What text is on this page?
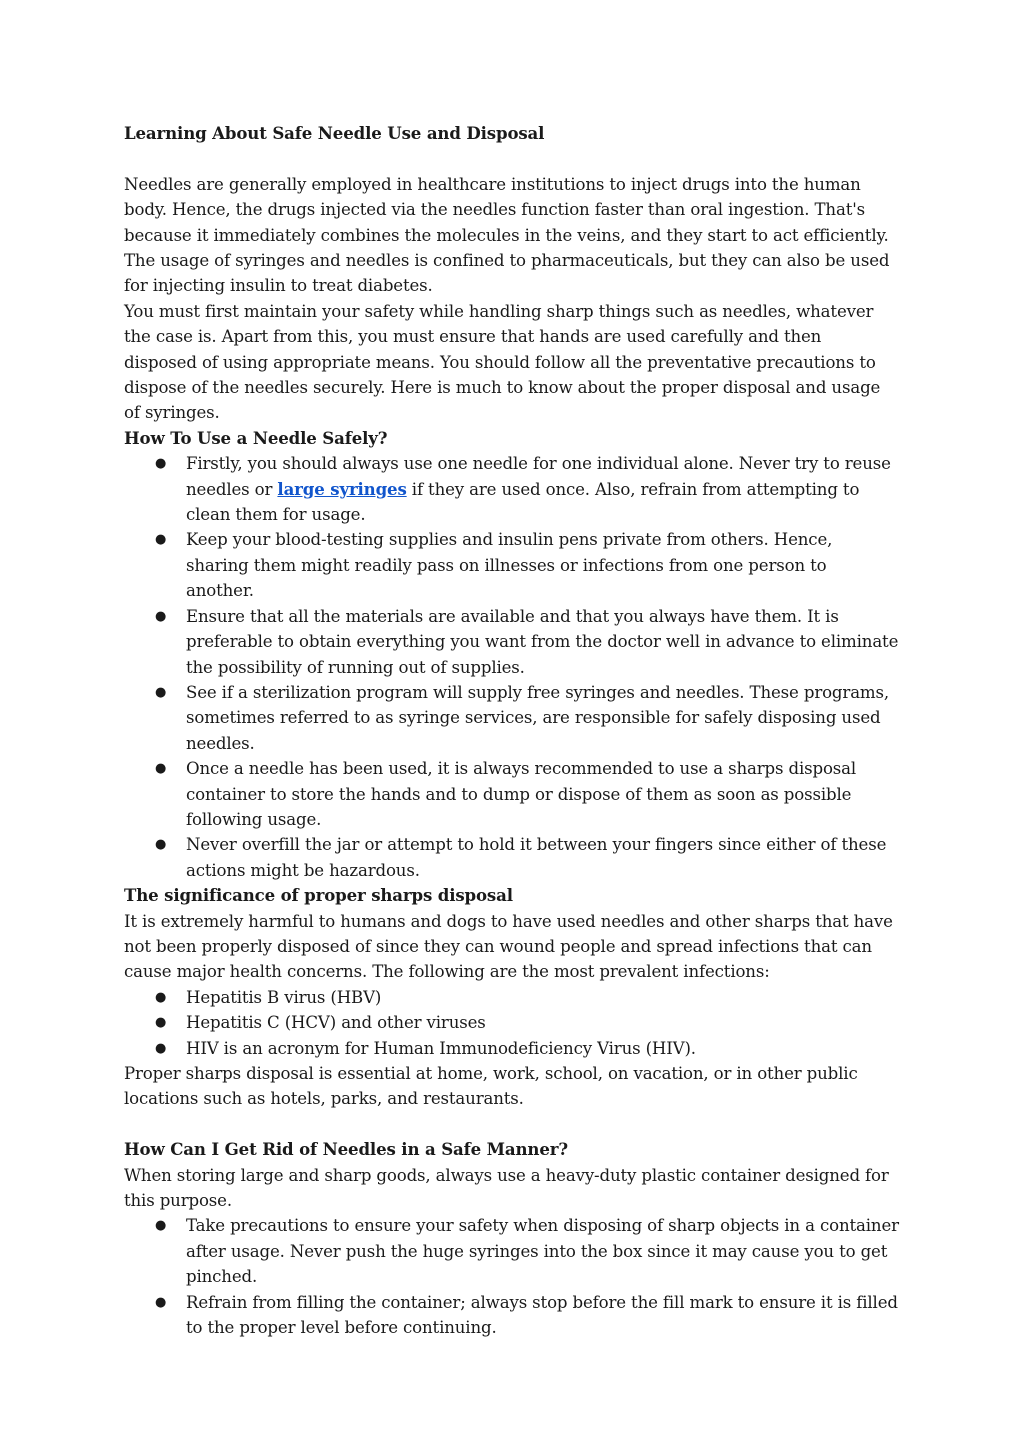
Learning About Safe Needle Use and Disposal

Needles are generally employed in healthcare institutions to inject drugs into the human body. Hence, the drugs injected via the needles function faster than oral ingestion. That's because it immediately combines the molecules in the veins, and they start to act efficiently. The usage of syringes and needles is confined to pharmaceuticals, but they can also be used for injecting insulin to treat diabetes.

You must first maintain your safety while handling sharp things such as needles, whatever the case is. Apart from this, you must ensure that hands are used carefully and then disposed of using appropriate means. You should follow all the preventative precautions to dispose of the needles securely. Here is much to know about the proper disposal and usage of syringes.

How To Use a Needle Safely?

● Firstly, you should always use one needle for one individual alone. Never try to reuse needles or large syringes if they are used once. Also, refrain from attempting to clean them for usage.
● Keep your blood-testing supplies and insulin pens private from others. Hence, sharing them might readily pass on illnesses or infections from one person to another.
● Ensure that all the materials are available and that you always have them. It is preferable to obtain everything you want from the doctor well in advance to eliminate the possibility of running out of supplies.
● See if a sterilization program will supply free syringes and needles. These programs, sometimes referred to as syringe services, are responsible for safely disposing used needles.
● Once a needle has been used, it is always recommended to use a sharps disposal container to store the hands and to dump or dispose of them as soon as possible following usage.
● Never overfill the jar or attempt to hold it between your fingers since either of these actions might be hazardous.

The significance of proper sharps disposal

It is extremely harmful to humans and dogs to have used needles and other sharps that have not been properly disposed of since they can wound people and spread infections that can cause major health concerns. The following are the most prevalent infections:

● Hepatitis B virus (HBV)
● Hepatitis C (HCV) and other viruses
● HIV is an acronym for Human Immunodeficiency Virus (HIV).

Proper sharps disposal is essential at home, work, school, on vacation, or in other public locations such as hotels, parks, and restaurants.

How Can I Get Rid of Needles in a Safe Manner?

When storing large and sharp goods, always use a heavy-duty plastic container designed for this purpose.

● Take precautions to ensure your safety when disposing of sharp objects in a container after usage. Never push the huge syringes into the box since it may cause you to get pinched.
● Refrain from filling the container; always stop before the fill mark to ensure it is filled to the proper level before continuing.
